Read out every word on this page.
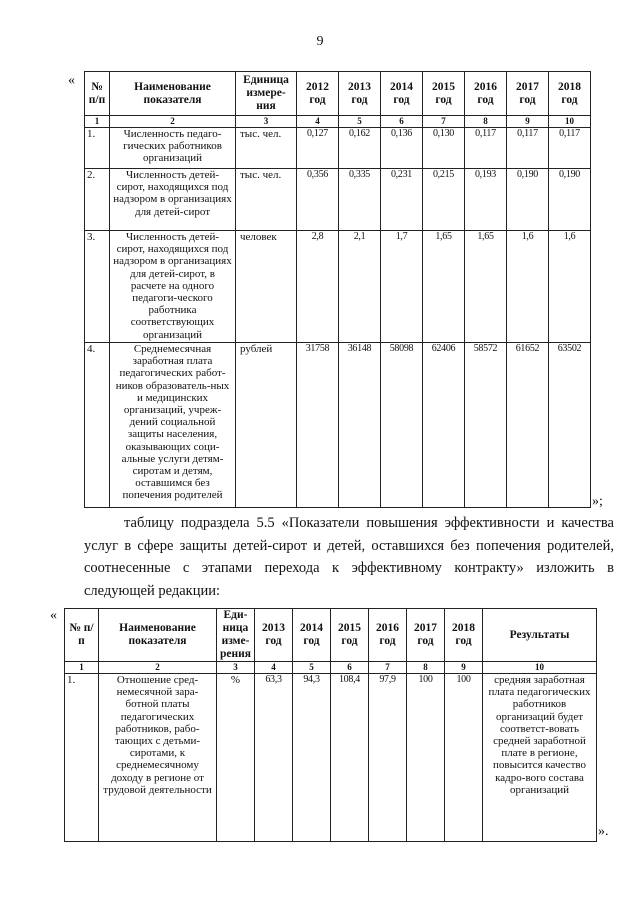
9
« № п/п	Наименование показателя	Единица измере-ния	2012 год	2013 год	2014 год	2015 год	2016 год	2017 год	2018 год
1	2	3	4	5	6	7	8	9	10
1.	Численность педаго-гических работников организаций	тыс. чел.	0,127	0,162	0,136	0,130	0,117	0,117	0,117
2.	Численность детей-сирот, находящихся под надзором в организациях для детей-сирот	тыс. чел.	0,356	0,335	0,231	0,215	0,193	0,190	0,190
3.	Численность детей-сирот, находящихся под надзором в организациях для детей-сирот, в расчете на одного педагоги-ческого работника соответствующих организаций	человек	2,8	2,1	1,7	1,65	1,65	1,6	1,6
4.	Среднемесячная заработная плата педагогических работ-ников образователь-ных и медицинских организаций, учреж-дений социальной защиты населения, оказывающих соци-альные услуги детям-сиротам и детям, оставшимся без попечения родителей	рублей	31758	36148	58098	62406	58572	61652	63502
»;
таблицу подраздела 5.5 «Показатели повышения эффективности и качества услуг в сфере защиты детей-сирот и детей, оставшихся без попечения родителей, соотнесенные с этапами перехода к эффективному контракту» изложить в следующей редакции:
«
№ п/п	Наименование показателя	Еди-ница изме-рения	2013 год	2014 год	2015 год	2016 год	2017 год	2018 год	Результаты
1	2	3	4	5	6	7	8	9	10
1.	Отношение сред-немесячной зара-ботной платы педагогических работников, рабо-тающих с детьми-сиротами, к среднемесячному доходу в регионе от трудовой деятельности	%	63,3	94,3	108,4	97,9	100	100	средняя заработная плата педагогических работников организаций будет соответст-вовать средней заработной плате в регионе, повысится качество кадро-вого состава организаций
».
